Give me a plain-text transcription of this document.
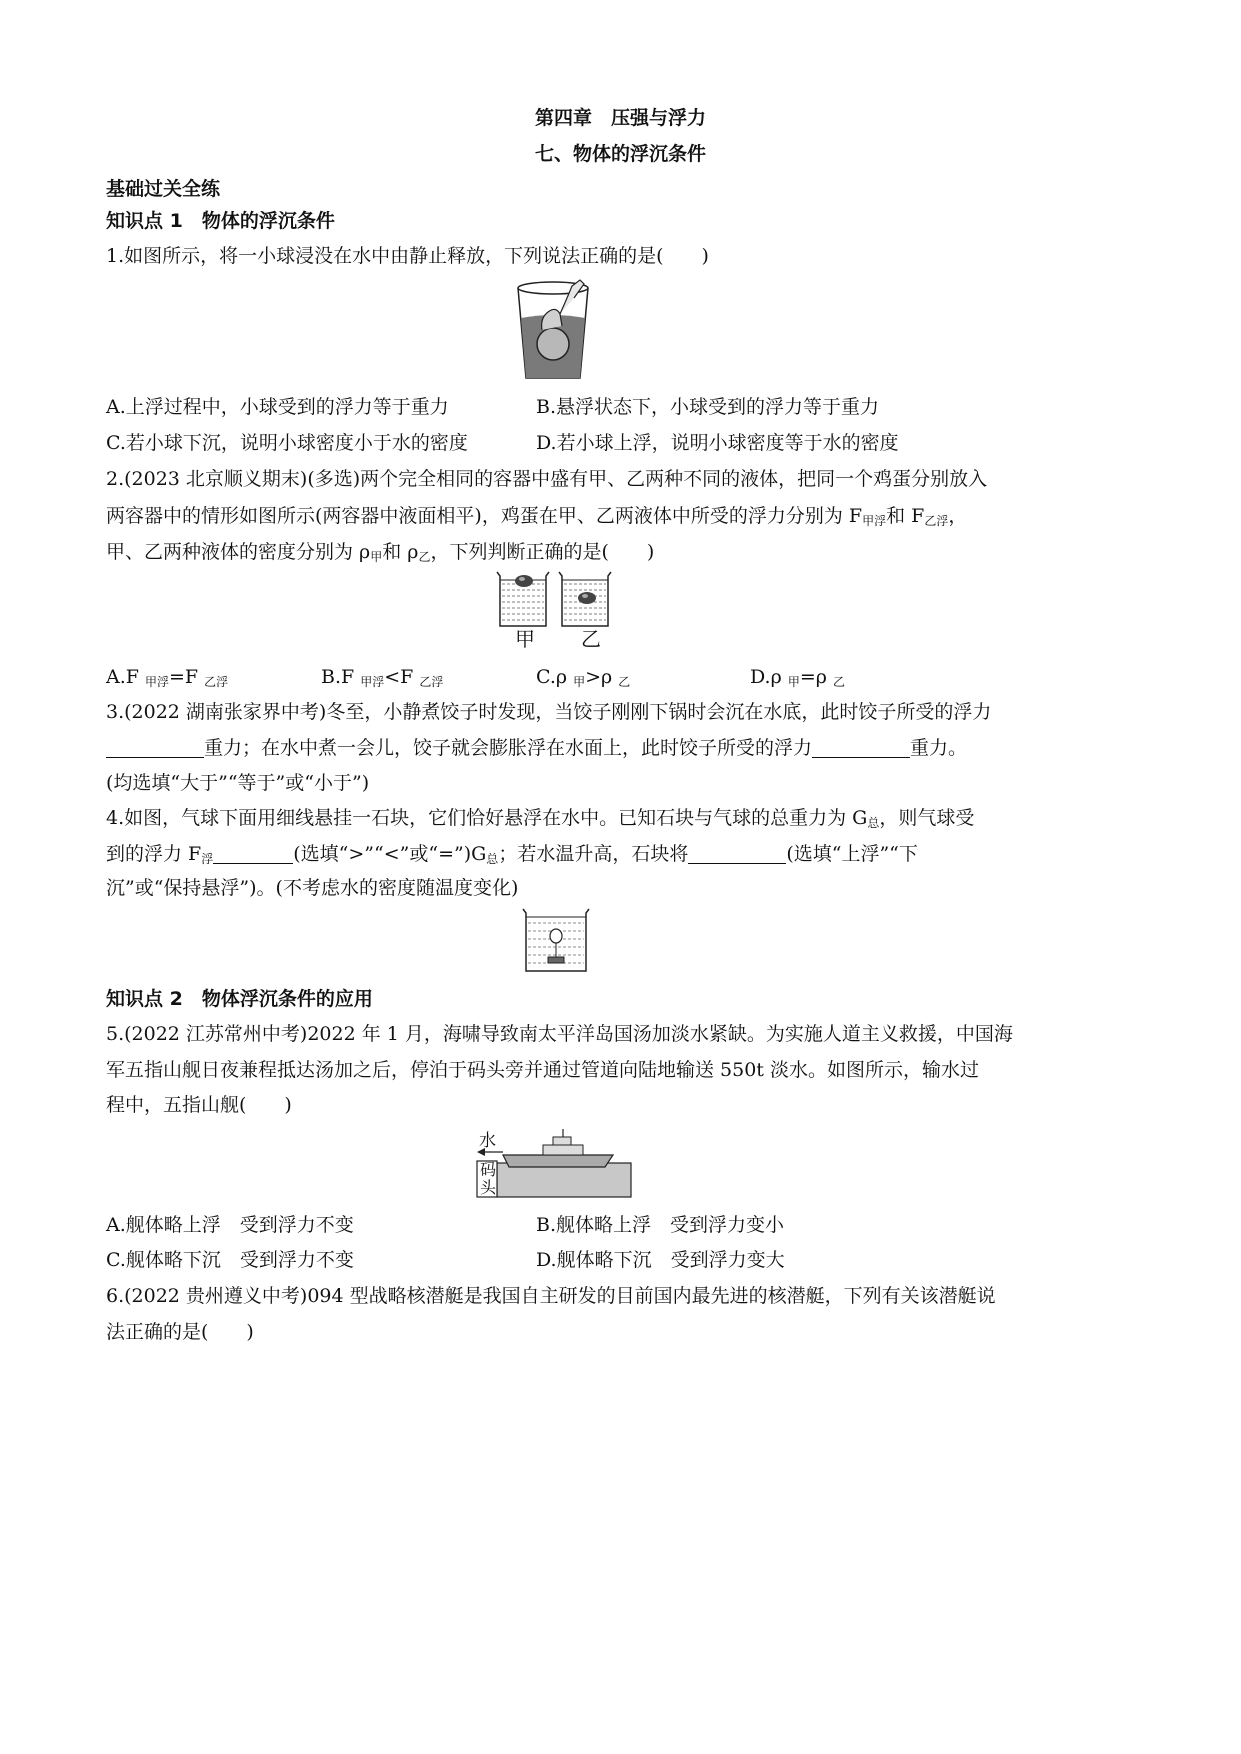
第四章　压强与浮力
七、物体的浮沉条件
基础过关全练
知识点 1　物体的浮沉条件
1.如图所示，将一小球浸没在水中由静止释放，下列说法正确的是(　　)
A.上浮过程中，小球受到的浮力等于重力	B.悬浮状态下，小球受到的浮力等于重力
C.若小球下沉，说明小球密度小于水的密度	D.若小球上浮，说明小球密度等于水的密度
2.(2023 北京顺义期末)(多选)两个完全相同的容器中盛有甲、乙两种不同的液体，把同一个鸡蛋分别放入
两容器中的情形如图所示(两容器中液面相平)，鸡蛋在甲、乙两液体中所受的浮力分别为 $F_{甲浮}$和 $F_{乙浮}$，
甲、乙两种液体的密度分别为 $\rho_甲$和 $\rho_乙$，下列判断正确的是(　　)
甲 乙
A.F $_{甲浮}$=F $_{乙浮}$	B.F $_{甲浮}$<F $_{乙浮}$	C.ρ $_甲$>ρ $_乙$	D.ρ $_甲$=ρ $_乙$
3.(2022 湖南张家界中考)冬至，小静煮饺子时发现，当饺子刚刚下锅时会沉在水底，此时饺子所受的浮力
重力；在水中煮一会儿，饺子就会膨胀浮在水面上，此时饺子所受的浮力	重力。
(均选填“大于”“等于”或“小于”)
4.如图，气球下面用细线悬挂一石块，它们恰好悬浮在水中。已知石块与气球的总重力为 $G_总$，则气球受
到的浮力 $F_浮$	(选填“>”“<”或“$=”)G_总$；若水温升高，石块将	(选填“上浮”“下
沉”或“保持悬浮”)。(不考虑水的密度随温度变化)
知识点 2　物体浮沉条件的应用
5.(2022 江苏常州中考)2022 年 1 月，海啸导致南太平洋岛国汤加淡水紧缺。为实施人道主义救援，中国海
军五指山舰日夜兼程抵达汤加之后，停泊于码头旁并通过管道向陆地输送 550t 淡水。如图所示，输水过
程中，五指山舰(　　)
水
码
头
A.舰体略上浮　受到浮力不变	B.舰体略上浮　受到浮力变小
C.舰体略下沉　受到浮力不变	D.舰体略下沉　受到浮力变大
6.(2022 贵州遵义中考)094 型战略核潜艇是我国自主研发的目前国内最先进的核潜艇，下列有关该潜艇说
法正确的是(　　)
